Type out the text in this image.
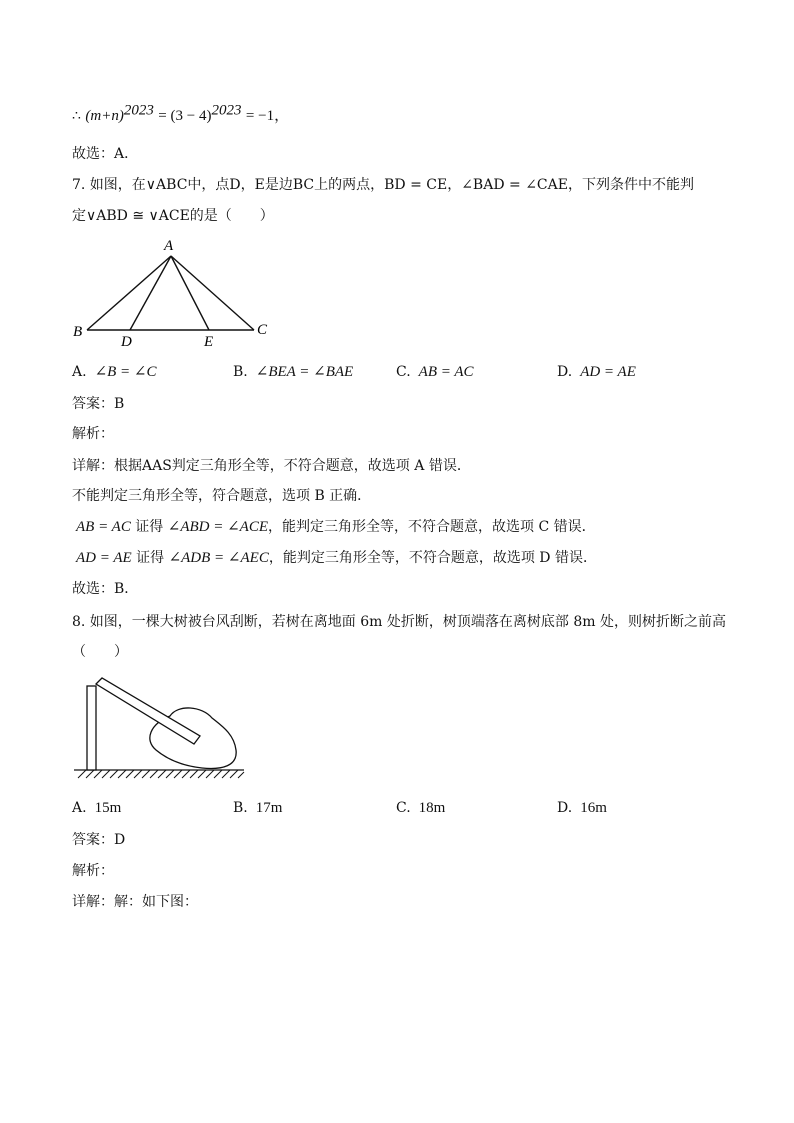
∴ $(m+n)^{2023} = (3 - 4)^{2023} = -1$，
故选：A．
7. 如图，在∨ABC中，点D，E是边BC上的两点，BD = CE，∠BAD = ∠CAE，下列条件中不能判
定∨ABD ≅ ∨ACE的是（　　）
A
B	C
D	E
A. ∠B = ∠C	B. ∠BEA = ∠BAE	C. AB = AC	D. AD = AE
答案：B
解析：
详解：根据AAS判定三角形全等，不符合题意，故选项 A 错误．
不能判定三角形全等，符合题意，选项 B 正确．
AB = AC 证得 ∠ABD = ∠ACE，能判定三角形全等，不符合题意，故选项 C 错误．
AD = AE 证得 ∠ADB = ∠AEC，能判定三角形全等，不符合题意，故选项 D 错误．
故选：B．
8. 如图，一棵大树被台风刮断，若树在离地面 6m 处折断，树顶端落在离树底部 8m 处，则树折断之前高
（　　）
A. 15m	B. 17m	C. 18m	D. 16m
答案：D
解析：
详解：解：如下图：
